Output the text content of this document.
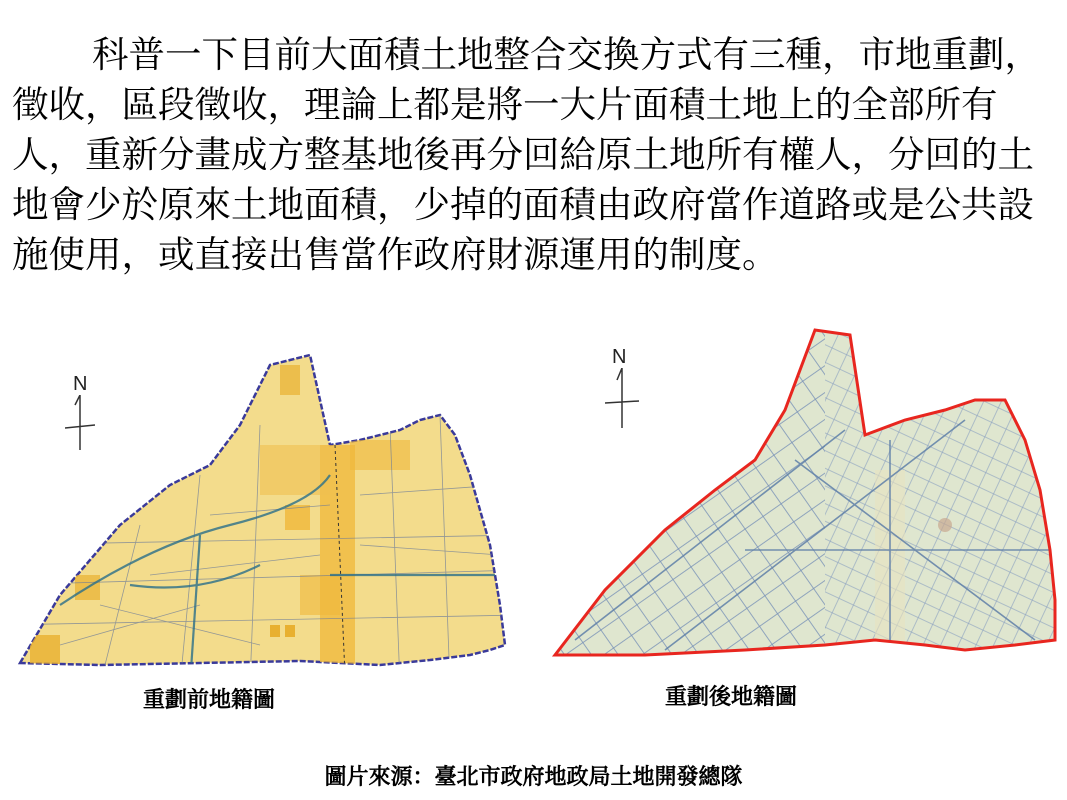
科普一下目前大面積土地整合交換方式有三種，市地重劃，徵收，區段徵收，理論上都是將一大片面積土地上的全部所有人，重新分畫成方整基地後再分回給原土地所有權人，分回的土地會少於原來土地面積，少掉的面積由政府當作道路或是公共設施使用，或直接出售當作政府財源運用的制度。

N
重劃前地籍圖
N
重劃後地籍圖
圖片來源：臺北市政府地政局土地開發總隊
